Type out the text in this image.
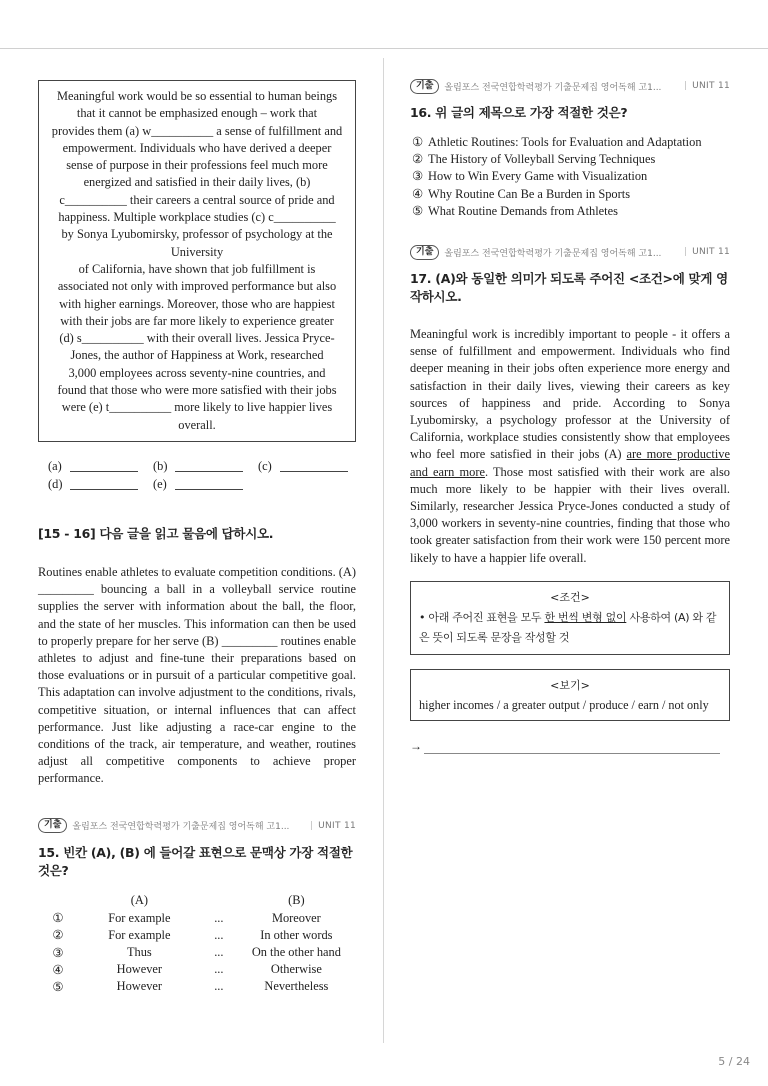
Meaningful work would be so essential to human beings
that it cannot be emphasized enough – work that
provides them (a) w__________ a sense of fulfillment and
empowerment. Individuals who have derived a deeper
sense of purpose in their professions feel much more
energized and satisfied in their daily lives, (b)
c__________ their careers a central source of pride and
happiness. Multiple workplace studies (c) c__________
by Sonya Lyubomirsky, professor of psychology at the
University
of California, have shown that job fulfillment is
associated not only with improved performance but also
with higher earnings. Moreover, those who are happiest
with their jobs are far more likely to experience greater
(d) s__________ with their overall lives. Jessica Pryce-
Jones, the author of Happiness at Work, researched
3,000 employees across seventy-nine countries, and
found that those who were more satisfied with their jobs
were (e) t__________ more likely to live happier lives
overall.
(a)	(b)	(c)
(d)	(e)
[15 - 16] 다음 글을 읽고 물음에 답하시오.
Routines enable athletes to evaluate competition conditions. (A) _________ bouncing a ball in a volleyball service routine supplies the server with information about the ball, the floor, and the state of her muscles. This information can then be used to properly prepare for her serve (B) _________ routines enable athletes to adjust and fine-tune their preparations based on those evaluations or in pursuit of a particular competitive goal. This adaptation can involve adjustment to the conditions, rivals, competitive situation, or internal influences that can affect performance. Just like adjusting a race-car engine to the conditions of the track, air temperature, and weather, routines adjust all competitive components to achieve proper performance.
기출	올림포스 전국연합학력평가 기출문제집 영어독해 고1...	| UNIT 11
15. 빈칸 (A), (B) 에 들어갈 표현으로 문맥상 가장 적절한 것은?
(A)	(B)
①	For example	...	Moreover
②	For example	...	In other words
③	Thus	...	On the other hand
④	However	...	Otherwise
⑤	However	...	Nevertheless
기출	올림포스 전국연합학력평가 기출문제집 영어독해 고1...	| UNIT 11
16. 위 글의 제목으로 가장 적절한 것은?
① Athletic Routines: Tools for Evaluation and Adaptation
② The History of Volleyball Serving Techniques
③ How to Win Every Game with Visualization
④ Why Routine Can Be a Burden in Sports
⑤ What Routine Demands from Athletes
기출	올림포스 전국연합학력평가 기출문제집 영어독해 고1...	| UNIT 11
17. (A)와 동일한 의미가 되도록 주어진 <조건>에 맞게 영작하시오.
Meaningful work is incredibly important to people - it offers a sense of fulfillment and empowerment. Individuals who find deeper meaning in their jobs often experience more energy and satisfaction in their daily lives, viewing their careers as key sources of happiness and pride. According to Sonya Lyubomirsky, a psychology professor at the University of California, workplace studies consistently show that employees who feel more satisfied in their jobs (A) are more productive and earn more. Those most satisfied with their work are also much more likely to be happier with their lives overall. Similarly, researcher Jessica Pryce-Jones conducted a study of 3,000 workers in seventy-nine countries, finding that those who took greater satisfaction from their work were 150 percent more likely to have a happier life overall.
<조건>
• 아래 주어진 표현을 모두 한 번씩 변형 없이 사용하여 (A) 와 같은 뜻이 되도록 문장을 작성할 것
<보기>
higher incomes / a greater output / produce / earn / not only
→
5 / 24
